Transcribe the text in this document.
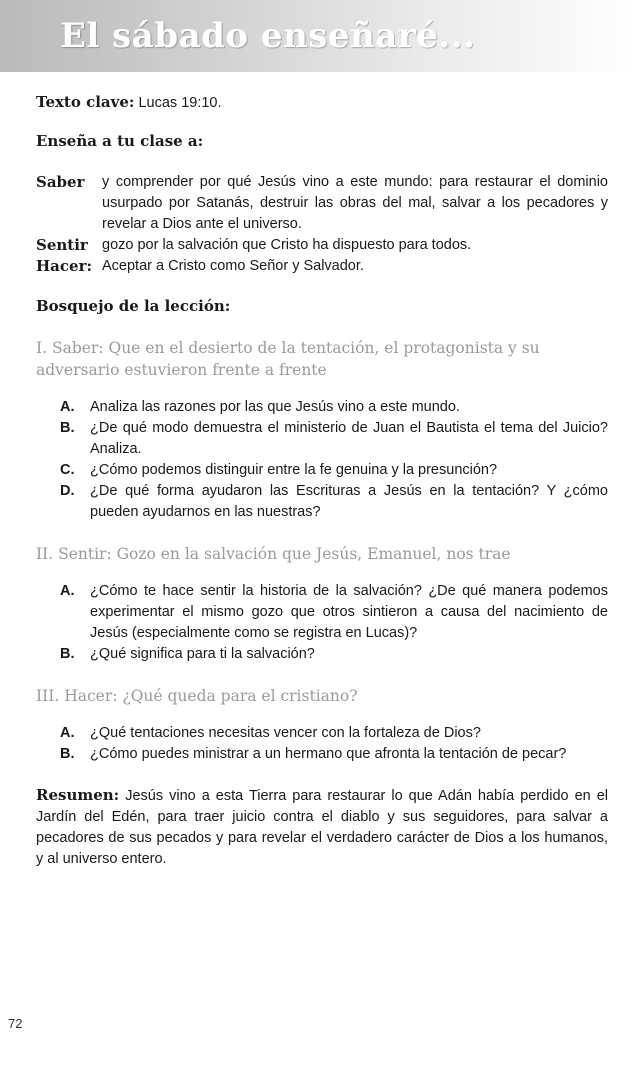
El sábado enseñaré...

Texto clave: Lucas 19:10.

Enseña a tu clase a:
Saber	y comprender por qué Jesús vino a este mundo: para restaurar el dominio usurpado por Satanás, destruir las obras del mal, salvar a los pecadores y revelar a Dios ante el universo.
Sentir gozo por la salvación que Cristo ha dispuesto para todos.
Hacer: Aceptar a Cristo como Señor y Salvador.
Bosquejo de la lección:

I. Saber: Que en el desierto de la tentación, el protagonista y su adversario estuvieron frente a frente

A.	Analiza las razones por las que Jesús vino a este mundo.
B.	¿De qué modo demuestra el ministerio de Juan el Bautista el tema del Juicio? Analiza.
C.	¿Cómo podemos distinguir entre la fe genuina y la presunción?
D.	¿De qué forma ayudaron las Escrituras a Jesús en la tentación? Y ¿cómo pueden ayudarnos en las nuestras?

II. Sentir: Gozo en la salvación que Jesús, Emanuel, nos trae

A.	¿Cómo te hace sentir la historia de la salvación? ¿De qué manera podemos experimentar el mismo gozo que otros sintieron a causa del nacimiento de Jesús (especialmente como se registra en Lucas)?
B.	¿Qué significa para ti la salvación?

III. Hacer: ¿Qué queda para el cristiano?

A.	¿Qué tentaciones necesitas vencer con la fortaleza de Dios?
B.	¿Cómo puedes ministrar a un hermano que afronta la tentación de pecar?

Resumen: Jesús vino a esta Tierra para restaurar lo que Adán había perdido en el Jardín del Edén, para traer juicio contra el diablo y sus seguidores, para salvar a pecadores de sus pecados y para revelar el verdadero carácter de Dios a los humanos, y al universo entero.

72
